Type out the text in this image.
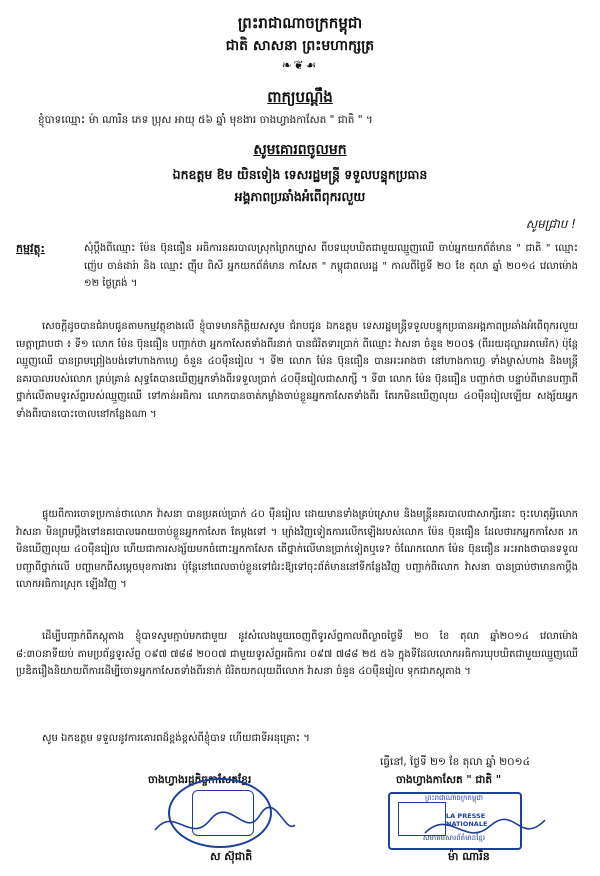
ព្រះរាជាណាចក្រកម្ពុជា
ជាតិ សាសនា ព្រះមហាក្សត្រ
❧❦☙
ពាក្យបណ្ដឹង
ខ្ញុំបាទឈ្មោះ ម៉ា ណារិន ភេទ ប្រុស អាយុ ៥៦ ឆ្នាំ មុខងារ ចាងហ្វាងកាសែត " ជាតិ " ។
សូមគោរពចូលមក
ឯកឧត្ដម ឱម យិនទៀង ទេសរដ្ឋមន្ត្រី ទទួលបន្ទុកប្រធាន
អង្គភាពប្រឆាំងអំពើពុករលួយ
សូមជ្រាប !
កម្មវត្ថុ:	សុំប្ដឹងពីឈ្មោះ ម៉ែន ប៊ុនធឿន អធិការនគរបាលស្រុកព្រៃកប្បាស ពីបទឃុបឃិតជាមួយឈ្មួញឈើ ចាប់អ្នកយកព័ត៌មាន " ជាតិ " ឈ្មោះ ញ៉េប ចាន់ដារ៉ា និង ឈ្មោះ ញ៉ឹប ពិសី អ្នកយកព័ត៌មាន កាសែត " កម្ពុជាពលរដ្ឋ " កាលពីថ្ងៃទី ២០ ខែ តុលា ឆ្នាំ ២០១៤ វេលាម៉ោង ១២ ថ្ងៃត្រង់ ។
សេចក្ដីដូចបានជំរាបជូនតាមកម្មវត្ថុខាងលើ ខ្ញុំបាទមានកិត្តិយសសូម ជំរាបជូន ឯកឧត្ដម ទេសរដ្ឋមន្ត្រីទទួលបន្ទុកប្រធានអង្គភាពប្រឆាំងអំពើពុករលួយ មេត្តាជ្រាបថា ៖ ទី១ លោក ម៉ែន ប៊ុនធឿន បញ្ជាក់ថា អ្នកកាសែតទាំងពីរនាក់ បានជំរិតទារប្រាក់ ពីឈ្មោះ វ៉ាសនា ចំនួន ២០០$ (ពីររយដុល្លារអាមេរិក) ប៉ុន្តែឈ្មួញឈើ បានព្រមព្រៀងបង់ទៅហាងកាហ្វេ ចំនួន ៤០ម៉ឺនរៀល ។ ទី២ លោក ម៉ែន ប៊ុនធឿន បានអះអាងថា នៅហាងកាហ្វេ ទាំងម្ចាស់ហាង និងមន្ត្រីនគរបាលរបស់លោក គ្រប់គ្រាន់ សុទ្ធតែបានឃើញអ្នកទាំងពីរទទួលប្រាក់ ៤០ម៉ឺនរៀលជាសាក្សី ។ ទី៣ លោក ម៉ែន ប៊ុនធឿន បញ្ជាក់ថា បន្ទាប់ពីមានបញ្ជាពីថ្នាក់លើតាមទូរស័ព្ទរបស់ឈ្មួញឈើ ទៅកាន់អធិការ លោកបានចាត់កម្លាំងចាប់ខ្លួនអ្នកកាសែតទាំងពីរ តែរកមិនឃើញលុយ ៤០ម៉ឺនរៀលឡើយ សង្ស័យអ្នកទាំងពីរបានបោះចោលនៅកន្លែងណា ។
ផ្ទុយពីការចោទប្រកាន់ថាលោក វ៉ាសនា បានប្រគល់ប្រាក់ ៤០ ម៉ឺនរៀល ដោយមានទាំងគ្រប់ស្រោម និងមន្ត្រីនគរបាលជាសាក្សីនោះ ចុះហេតុអ្វីលោក វ៉ាសនា មិនព្រមប្ដឹងទៅនគរបាលអោយចាប់ខ្លួនអ្នកកាសែត តែម្ដងទៅ ។ ម្យ៉ាងវិញទៀតការលើកឡើងរបស់លោក ម៉ែន ប៊ុនធឿន ដែលថារកអ្នកកាសែត រកមិនឃើញលុយ ៤០ម៉ឺនរៀល ហើយជាការសង្ស័យមកចំពោះអ្នកកាសែត តើថ្នាក់លើមានប្រាក់ទៀតឬទេ? ចំណែកលោក ម៉ែន ប៊ុនធឿន អះអាងថាបានទទួលបញ្ជាពីថ្នាក់លើ បញ្ហាមកពីសម្ដេចមុខការងារ ប៉ុន្តែនៅពេលចាប់ខ្លួនទៅជំរះឱ្យទៅចុះព័ត៌មាននៅទីកន្លែងវិញ បញ្ជាក់ពីលោក វ៉ាសនា បានប្រាប់ថាមានកាប្ដឹងលោកអធិការស្រុក ឡើងវិញ ។
ដើម្បីបញ្ជាក់ពីភស្ដុតាង ខ្ញុំបាទសូមភ្ជាប់មកជាមួយ នូវសំលេងមួយចេញពីទូរស័ព្ទកាលពីល្ងាចថ្ងៃទី ២០ ខែ តុលា ឆ្នាំ២០១៤ វេលាម៉ោង ៨:៣០នាទីយប់ តាមប្រព័ន្ធទូរស័ព្ទ ០៩៧ ៧៨៨ ២០០៧ ជាមួយទូរស័ព្ទអធិការ ០៩៧ ៧៨៨ ២៥ ៥៦ ក្នុងទីដែលលោកអធិការឃុបឃិតជាមួយឈ្មួញឈើប្រឌិតរឿងនិយាយពីការដើម្បីចោទអ្នកកាសែតទាំងពីរនាក់ ជំរិតយកលុយពីលោក វ៉ាសនា ចំនួន ៤០ម៉ឺនរៀល ទុកជាភស្ដុតាង ។
សូម ឯកឧត្ដម ទទួលនូវការគោរពដ៏ខ្ពង់ខ្ពស់ពីខ្ញុំបាទ ហើយជាទីអនុគ្រោះ ។
ធ្វើនៅ, ថ្ងៃទី ២១ ខែ តុលា ឆ្នាំ ២០១៤
ចាងហ្វាងរដ្ឋកិច្ចកាសែតខ្មែរ	ចាងហ្វាងកាសែត " ជាតិ "
ព្រះរាជាណាចក្រកម្ពុជា
LA PRESSE NATIONALE
សមាគមសារព័ត៌មានខ្មែរ
ស ស៊ុជាតិ	ម៉ា ណារិន
